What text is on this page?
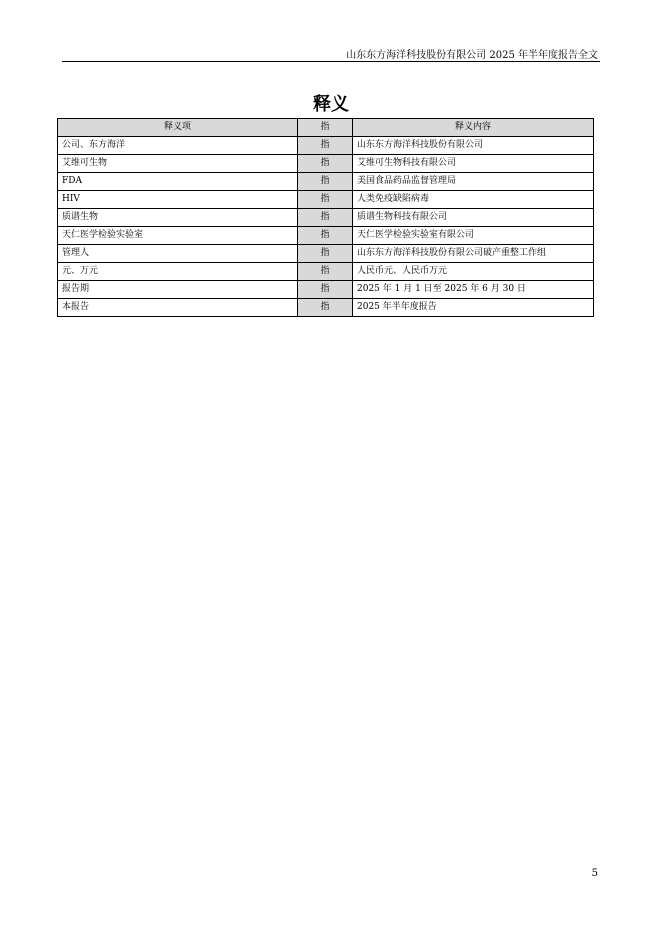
山东东方海洋科技股份有限公司 2025 年半年度报告全文
释义
释义项	指	释义内容
公司、东方海洋	指	山东东方海洋科技股份有限公司
艾维可生物	指	艾维可生物科技有限公司
FDA	指	美国食品药品监督管理局
HIV	指	人类免疫缺陷病毒
质谱生物	指	质谱生物科技有限公司
天仁医学检验实验室	指	天仁医学检验实验室有限公司
管理人	指	山东东方海洋科技股份有限公司破产重整工作组
元、万元	指	人民币元、人民币万元
报告期	指	2025 年 1 月 1 日至 2025 年 6 月 30 日
本报告	指	2025 年半年度报告
5
